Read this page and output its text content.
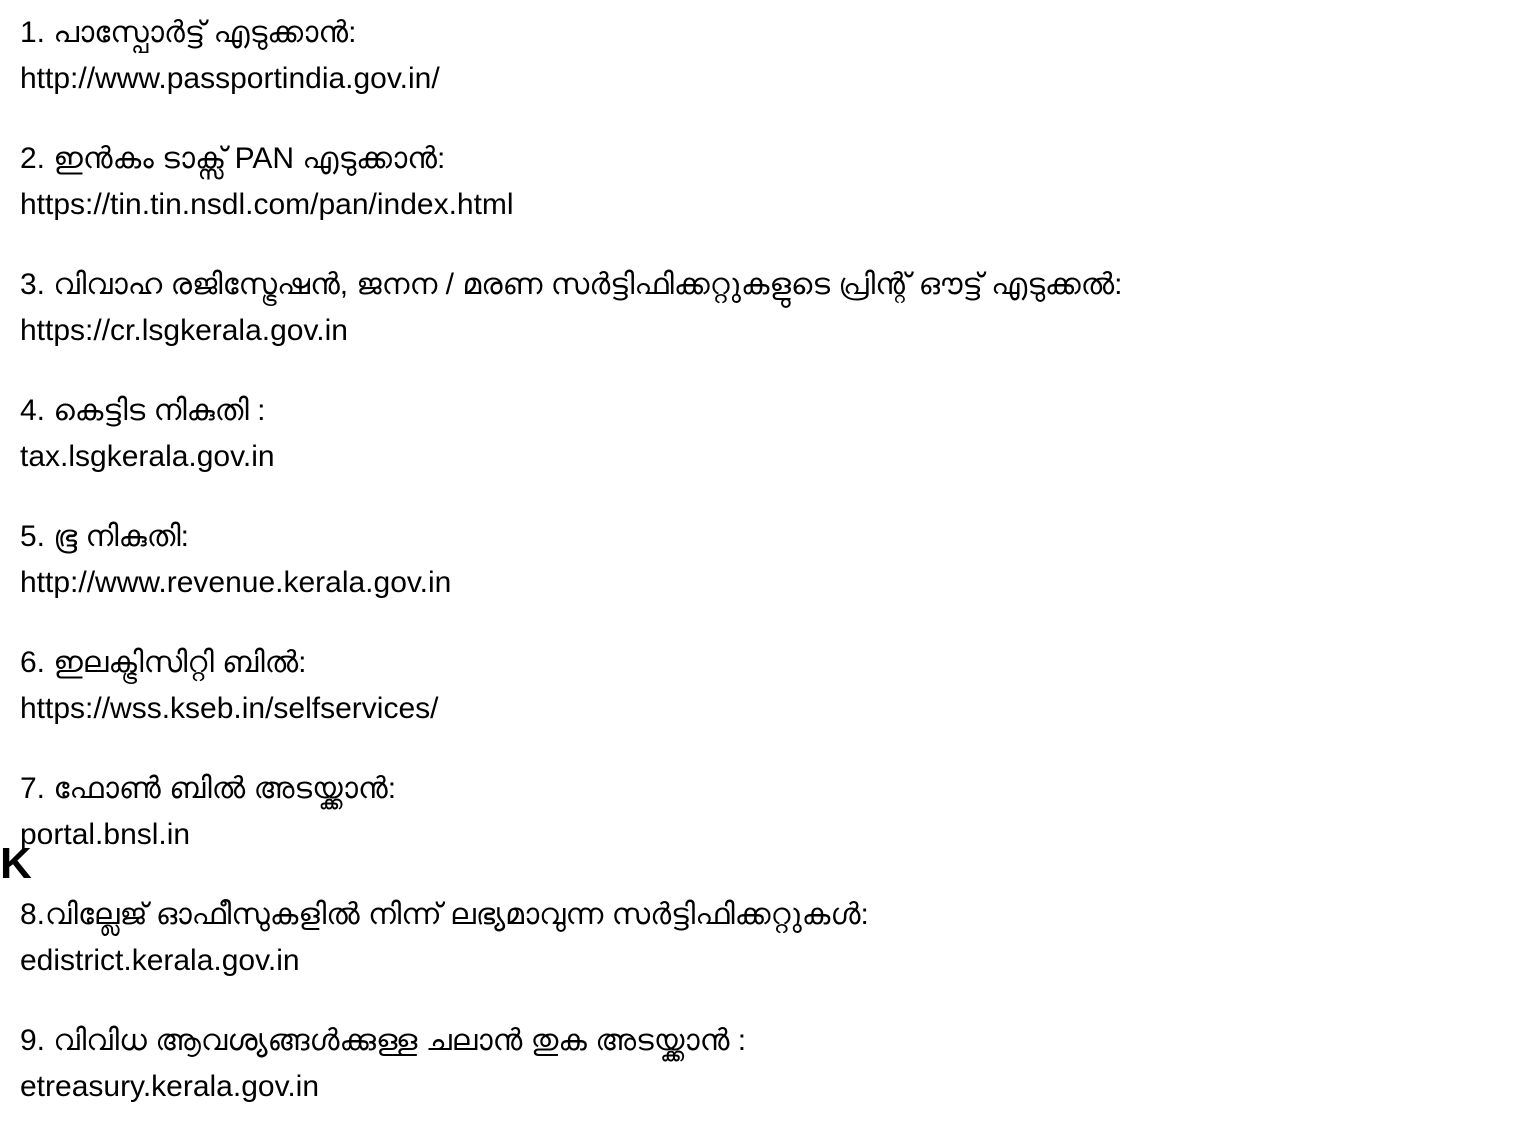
1. പാസ്പോർട്ട് എടുക്കാൻ:
http://www.passportindia.gov.in/
2. ഇൻകം ടാക്സ് PAN എടുക്കാൻ:
https://tin.tin.nsdl.com/pan/index.html
3. വിവാഹ രജിസ്ട്രേഷൻ, ജനന / മരണ സർട്ടിഫിക്കറ്റുകളുടെ പ്രിന്റ് ഔട്ട് എടുക്കൽ:
https://cr.lsgkerala.gov.in
4. കെട്ടിട നികുതി :
tax.lsgkerala.gov.in
5. ഭൂ നികുതി:
http://www.revenue.kerala.gov.in
6. ഇലക്ട്രിസിറ്റി ബിൽ:
https://wss.kseb.in/selfservices/
7. ഫോൺ ബിൽ അടയ്ക്കാൻ:
portal.bnsl.in
8.വില്ലേജ് ഓഫീസുകളിൽ നിന്ന് ലഭ്യമാവുന്ന സർട്ടിഫിക്കറ്റുകൾ:
edistrict.kerala.gov.in
9. വിവിധ ആവശ്യങ്ങൾക്കുള്ള ചലാൻ തുക അടയ്ക്കാൻ :
etreasury.kerala.gov.in
K
